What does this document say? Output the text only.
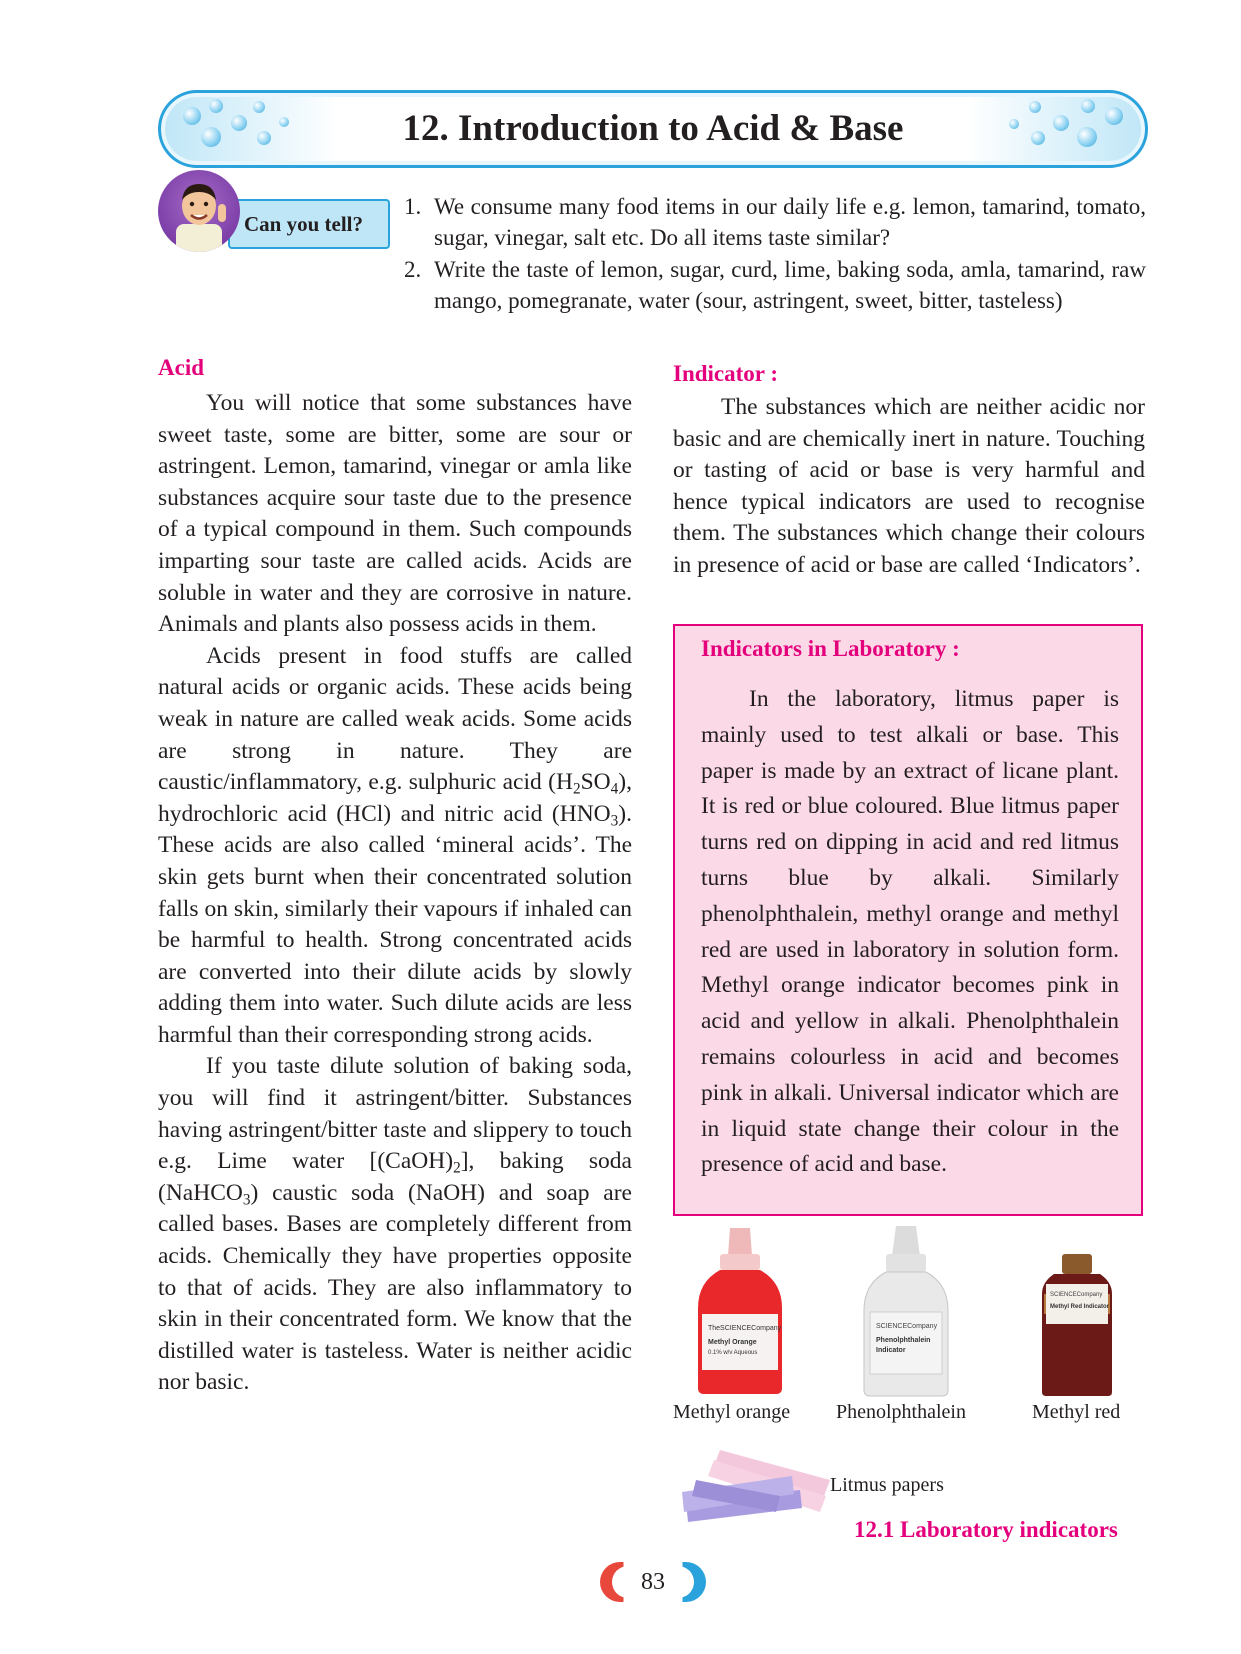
12. Introduction to Acid & Base
Can you tell?
1. We consume many food items in our daily life e.g. lemon, tamarind, tomato, sugar, vinegar, salt etc. Do all items taste similar?
2. Write the taste of lemon, sugar, curd, lime, baking soda, amla, tamarind, raw mango, pomegranate, water (sour, astringent, sweet, bitter, tasteless)
Acid

You will notice that some substances have sweet taste, some are bitter, some are sour or astringent. Lemon, tamarind, vinegar or amla like substances acquire sour taste due to the presence of a typical compound in them. Such compounds imparting sour taste are called acids. Acids are soluble in water and they are corrosive in nature. Animals and plants also possess acids in them.

Acids present in food stuffs are called natural acids or organic acids. These acids being weak in nature are called weak acids. Some acids are strong in nature. They are caustic/inflammatory, e.g. sulphuric acid $(H_2SO_4)$, hydrochloric acid (HCl) and nitric acid $(HNO_3)$. These acids are also called ‘mineral acids’. The skin gets burnt when their concentrated solution falls on skin, similarly their vapours if inhaled can be harmful to health. Strong concentrated acids are converted into their dilute acids by slowly adding them into water. Such dilute acids are less harmful than their corresponding strong acids.

If you taste dilute solution of baking soda, you will find it astringent/bitter. Substances having astringent/bitter taste and slippery to touch e.g. Lime water $[(CaOH)_2]$, baking soda (NaHCO$_3$) caustic soda (NaOH) and soap are called bases. Bases are completely different from acids. Chemically they have properties opposite to that of acids. They are also inflammatory to skin in their concentrated form. We know that the distilled water is tasteless. Water is neither acidic nor basic.

Indicator :

The substances which are neither acidic nor basic and are chemically inert in nature. Touching or tasting of acid or base is very harmful and hence typical indicators are used to recognise them. The substances which change their colours in presence of acid or base are called ‘Indicators’.

Indicators in Laboratory :

In the laboratory, litmus paper is mainly used to test alkali or base. This paper is made by an extract of licane plant. It is red or blue coloured. Blue litmus paper turns red on dipping in acid and red litmus turns blue by alkali. Similarly phenolphthalein, methyl orange and methyl red are used in laboratory in solution form. Methyl orange indicator becomes pink in acid and yellow in alkali. Phenolphthalein remains colourless in acid and becomes pink in alkali. Universal indicator which are in liquid state change their colour in the presence of acid and base.

TheSCIENCECompany
Methyl Orange
0.1% w/v Aqueous
SCIENCECompany
Phenolphthalein
Indicator
SCIENCECompany
Methyl Red Indicator
Methyl orange Phenolphthalein	Methyl red
Litmus papers
12.1 Laboratory indicators
83
